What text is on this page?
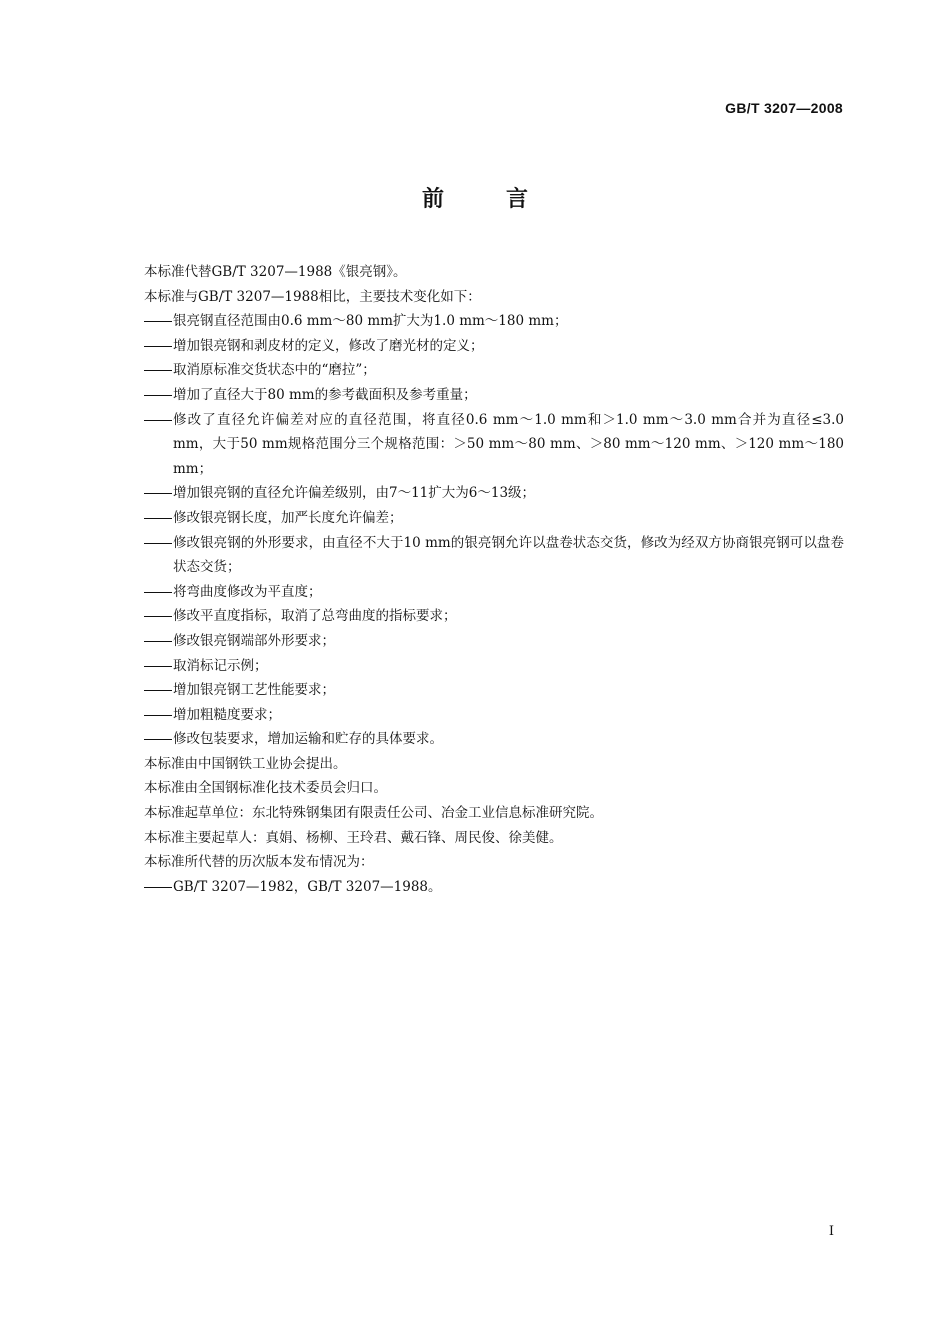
GB/T 3207—2008
前言

本标准代替GB/T 3207—1988《银亮钢》。

本标准与GB/T 3207—1988相比，主要技术变化如下：

银亮钢直径范围由0.6 mm～80 mm扩大为1.0 mm～180 mm；

增加银亮钢和剥皮材的定义，修改了磨光材的定义；

取消原标准交货状态中的“磨拉”；

增加了直径大于80 mm的参考截面积及参考重量；

修改了直径允许偏差对应的直径范围，将直径0.6 mm～1.0 mm和＞1.0 mm～3.0 mm合并为直径≤3.0 mm，大于50 mm规格范围分三个规格范围：＞50 mm～80 mm、＞80 mm～120 mm、＞120 mm～180 mm；

增加银亮钢的直径允许偏差级别，由7～11扩大为6～13级；

修改银亮钢长度，加严长度允许偏差；

修改银亮钢的外形要求，由直径不大于10 mm的银亮钢允许以盘卷状态交货，修改为经双方协商银亮钢可以盘卷状态交货；

将弯曲度修改为平直度；

修改平直度指标，取消了总弯曲度的指标要求；

修改银亮钢端部外形要求；

取消标记示例；

增加银亮钢工艺性能要求；

增加粗糙度要求；

修改包装要求，增加运输和贮存的具体要求。

本标准由中国钢铁工业协会提出。

本标准由全国钢标准化技术委员会归口。

本标准起草单位：东北特殊钢集团有限责任公司、冶金工业信息标准研究院。

本标准主要起草人：真娟、杨柳、王玲君、戴石锋、周民俊、徐美健。

本标准所代替的历次版本发布情况为：

GB/T 3207—1982，GB/T 3207—1988。

I
